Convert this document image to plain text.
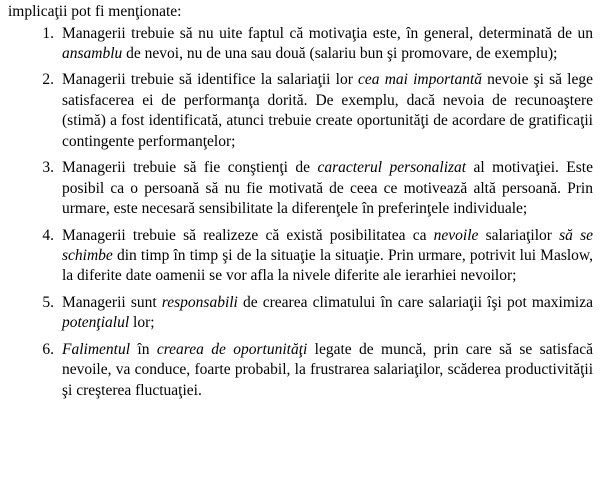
implicaţii pot fi menţionate:
1. Managerii trebuie să nu uite faptul că motivaţia este, în general, determinată de un ansamblu de nevoi, nu de una sau două (salariu bun şi promovare, de exemplu);
2. Managerii trebuie să identifice la salariaţii lor cea mai importantă nevoie şi să lege satisfacerea ei de performanţa dorită. De exemplu, dacă nevoia de recunoaştere (stimă) a fost identificată, atunci trebuie create oportunităţi de acordare de gratificaţii contingente performanţelor;
3. Managerii trebuie să fie conştienţi de caracterul personalizat al motivaţiei. Este posibil ca o persoană să nu fie motivată de ceea ce motivează altă persoană. Prin urmare, este necesară sensibilitate la diferenţele în preferinţele individuale;
4. Managerii trebuie să realizeze că există posibilitatea ca nevoile salariaţilor să se schimbe din timp în timp şi de la situaţie la situaţie. Prin urmare, potrivit lui Maslow, la diferite date oamenii se vor afla la nivele diferite ale ierarhiei nevoilor;
5. Managerii sunt responsabili de crearea climatului în care salariaţii îşi pot maximiza potenţialul lor;
6. Falimentul în crearea de oportunităţi legate de muncă, prin care să se satisfacă nevoile, va conduce, foarte probabil, la frustrarea salariaţilor, scăderea productivităţii şi creşterea fluctuaţiei.
